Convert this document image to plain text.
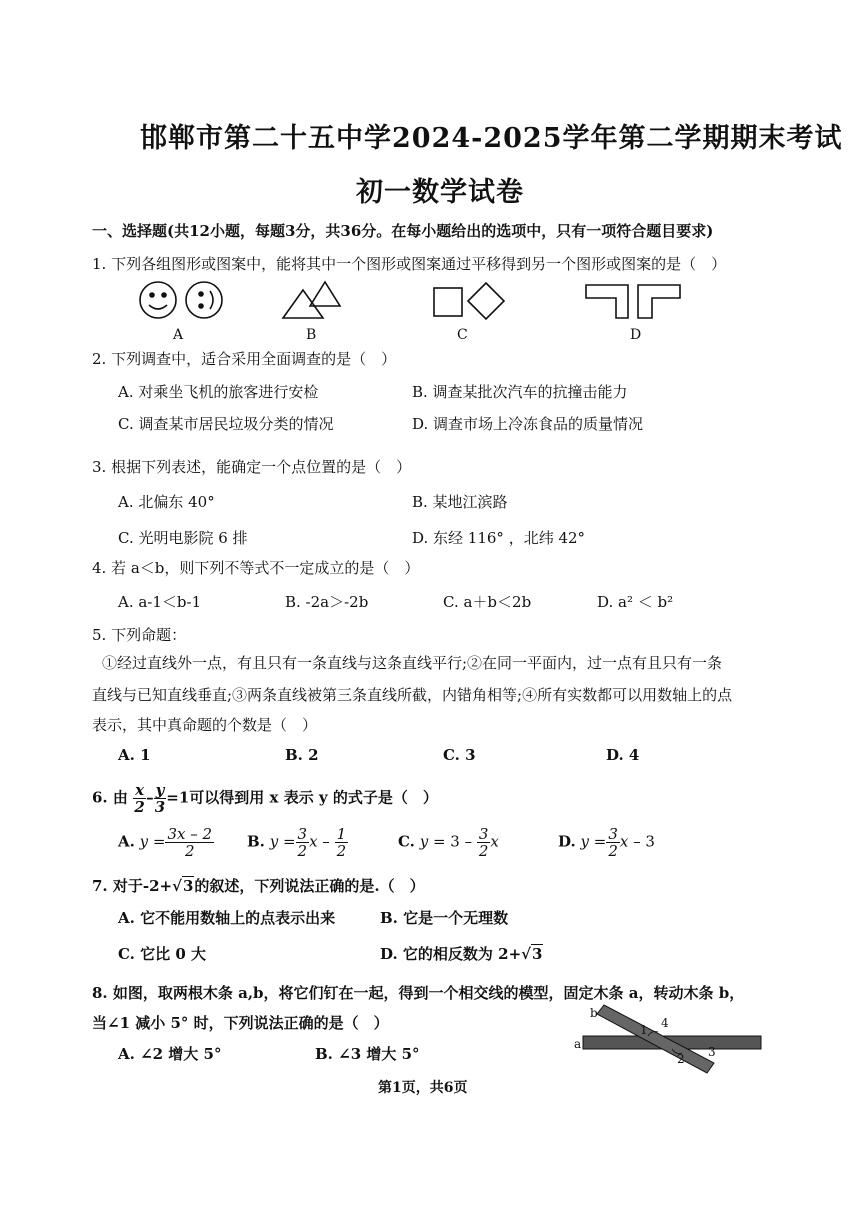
邯郸市第二十五中学2024-2025学年第二学期期末考试
初一数学试卷
一、选择题(共12小题，每题3分，共36分。在每小题给出的选项中，只有一项符合题目要求)
1. 下列各组图形或图案中，能将其中一个图形或图案通过平移得到另一个图形或图案的是（　）
A	B	C	D
2. 下列调查中，适合采用全面调查的是（　）
A. 对乘坐飞机的旅客进行安检	B. 调查某批次汽车的抗撞击能力
C. 调查某市居民垃圾分类的情况	D. 调查市场上冷冻食品的质量情况
3. 根据下列表述，能确定一个点位置的是（　）
A. 北偏东 40°	B. 某地江滨路
C. 光明电影院 6 排	D. 东经 116° ，北纬 42°
4. 若 a＜b，则下列不等式不一定成立的是（　）
A. a-1＜b-1	B. -2a＞-2b	C. a＋b＜2b	D. a² ＜ b²
5. 下列命题：
①经过直线外一点，有且只有一条直线与这条直线平行;②在同一平面内，过一点有且只有一条
直线与已知直线垂直;③两条直线被第三条直线所截，内错角相等;④所有实数都可以用数轴上的点
表示，其中真命题的个数是（　）
A. 1	B. 2	C. 3	D. 4
6. 由 $\frac{x}{2} - \frac{y}{3} =1$可以得到用 x 表示 y 的式子是（　）
A. $y = \frac{3x - 2}{2} B$. $y = \frac{3}{2}$ x – $\frac{1}{2}$	C. $y = 3 - \frac{3}{2}$ x	D. $y = \frac{3}{2}$ x – 3
7. 对于-2+√3的叙述，下列说法正确的是.（　）
A. 它不能用数轴上的点表示出来	B. 它是一个无理数
C. 它比 0 大	D. 它的相反数为 2+√3
8. 如图，取两根木条 a,b，将它们钉在一起，得到一个相交线的模型，固定木条 a，转动木条 b，
当∠1 减小 5° 时，下列说法正确的是（　）
A. ∠2 增大 5°	B. ∠3 增大 5°
a
b
1
2 3
4
第1页，共6页
